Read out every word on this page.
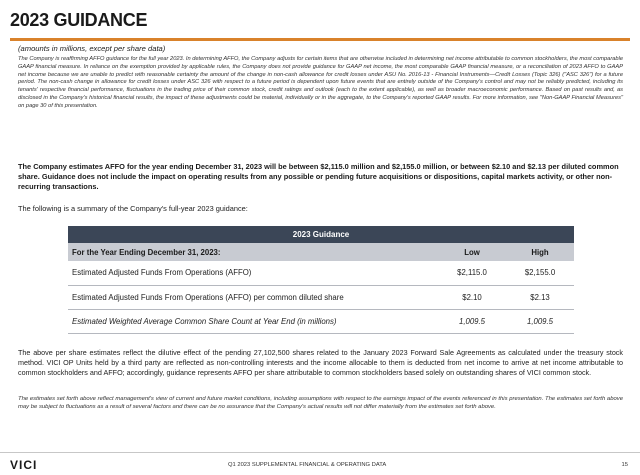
2023 GUIDANCE
(amounts in millions, except per share data)
The Company is reaffirming AFFO guidance for the full year 2023. In determining AFFO, the Company adjusts for certain items that are otherwise included in determining net income attributable to common stockholders, the most comparable GAAP financial measure. In reliance on the exemption provided by applicable rules, the Company does not provide guidance for GAAP net income, the most comparable GAAP financial measure, or a reconciliation of 2023 AFFO to GAAP net income because we are unable to predict with reasonable certainty the amount of the change in non-cash allowance for credit losses under ASU No. 2016-13 - Financial Instruments—Credit Losses (Topic 326) ("ASC 326") for a future period. The non-cash change in allowance for credit losses under ASC 326 with respect to a future period is dependent upon future events that are entirely outside of the Company's control and may not be reliably predicted, including its tenants' respective financial performance, fluctuations in the trading price of their common stock, credit ratings and outlook (each to the extent applicable), as well as broader macroeconomic performance. Based on past results and, as disclosed in the Company's historical financial results, the impact of these adjustments could be material, individually or in the aggregate, to the Company's reported GAAP results. For more information, see "Non-GAAP Financial Measures" on page 30 of this presentation.
The Company estimates AFFO for the year ending December 31, 2023 will be between $2,115.0 million and $2,155.0 million, or between $2.10 and $2.13 per diluted common share. Guidance does not include the impact on operating results from any possible or pending future acquisitions or dispositions, capital markets activity, or other non-recurring transactions.
The following is a summary of the Company's full-year 2023 guidance:
2023 Guidance		
For the Year Ending December 31, 2023:	Low	High
Estimated Adjusted Funds From Operations (AFFO)	$2,115.0	$2,155.0
Estimated Adjusted Funds From Operations (AFFO) per common diluted share	$2.10	$2.13
Estimated Weighted Average Common Share Count at Year End (in millions)	1,009.5	1,009.5
The above per share estimates reflect the dilutive effect of the pending 27,102,500 shares related to the January 2023 Forward Sale Agreements as calculated under the treasury stock method. VICI OP Units held by a third party are reflected as non-controlling interests and the income allocable to them is deducted from net income to arrive at net income attributable to common stockholders and AFFO; accordingly, guidance represents AFFO per share attributable to common stockholders based solely on outstanding shares of VICI common stock.
The estimates set forth above reflect management's view of current and future market conditions, including assumptions with respect to the earnings impact of the events referenced in this presentation. The estimates set forth above may be subject to fluctuations as a result of several factors and there can be no assurance that the Company's actual results will not differ materially from the estimates set forth above.
VICI	Q1 2023 SUPPLEMENTAL FINANCIAL & OPERATING DATA	15
